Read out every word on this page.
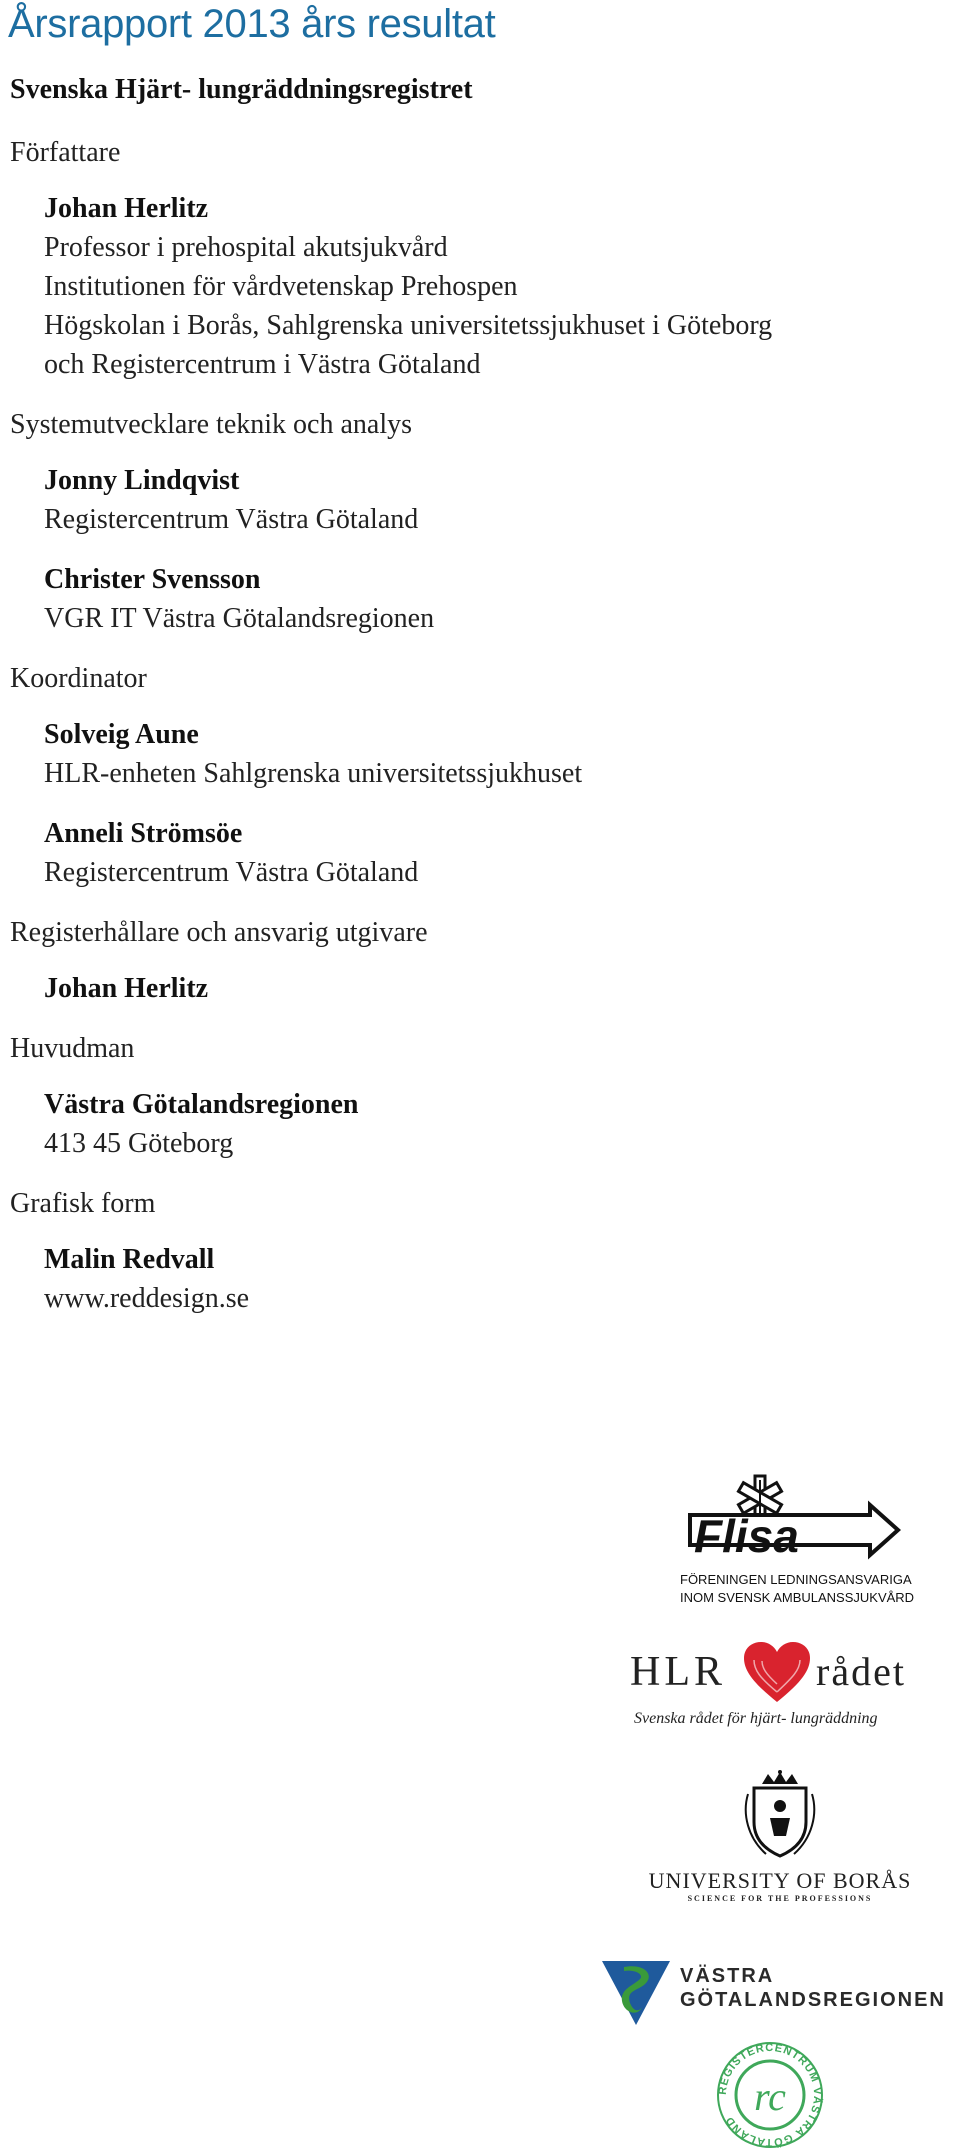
Årsrapport 2013 års resultat
Svenska Hjärt- lungräddningsregistret
Författare
Johan Herlitz
Professor i prehospital akutsjukvård
Institutionen för vårdvetenskap Prehospen
Högskolan i Borås, Sahlgrenska universitetssjukhuset i Göteborg
och Registercentrum i Västra Götaland
Systemutvecklare teknik och analys
Jonny Lindqvist
Registercentrum Västra Götaland
Christer Svensson
VGR IT Västra Götalandsregionen
Koordinator
Solveig Aune
HLR-enheten Sahlgrenska universitetssjukhuset
Anneli Strömsöe
Registercentrum Västra Götaland
Registerhållare och ansvarig utgivare
Johan Herlitz
Huvudman
Västra Götalandsregionen
413 45 Göteborg
Grafisk form
Malin Redvall
www.reddesign.se
Flisa
FÖRENINGEN LEDNINGSANSVARIGA
INOM SVENSK AMBULANSSJUKVÅRD
HLR rådet
Svenska rådet för hjärt- lungräddning
UNIVERSITY OF BORÅS
SCIENCE FOR THE PROFESSIONS
VÄSTRA
GÖTALANDSREGIONEN
REGISTERCENTRUM VÄSTRA GÖTALAND
rc
